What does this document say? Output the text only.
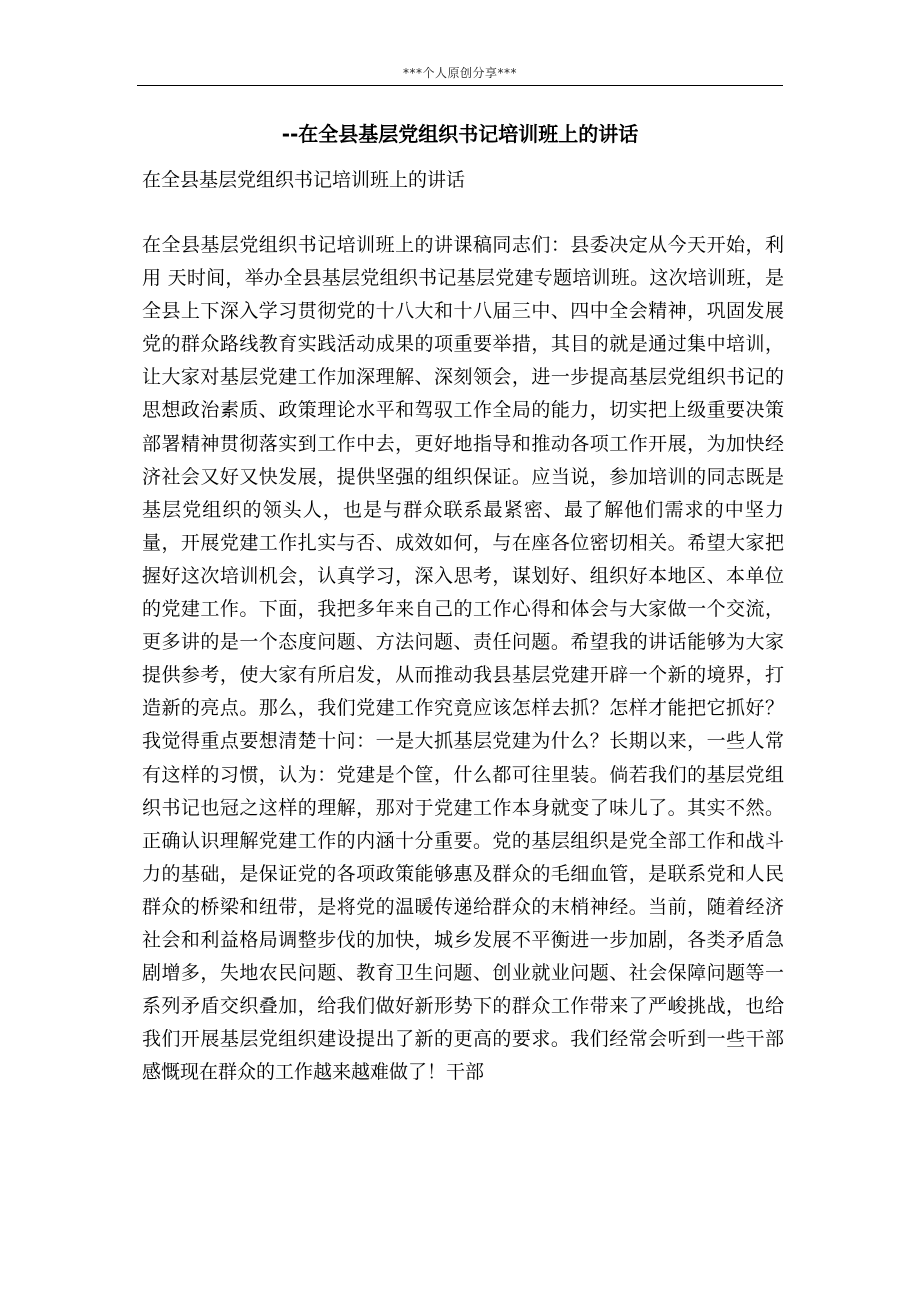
***个人原创分享***
--在全县基层党组织书记培训班上的讲话
在全县基层党组织书记培训班上的讲话
在全县基层党组织书记培训班上的讲课稿同志们：县委决定从今天开始，利用 天时间，举办全县基层党组织书记基层党建专题培训班。这次培训班，是全县上下深入学习贯彻党的十八大和十八届三中、四中全会精神，巩固发展党的群众路线教育实践活动成果的项重要举措，其目的就是通过集中培训，让大家对基层党建工作加深理解、深刻领会，进一步提高基层党组织书记的思想政治素质、政策理论水平和驾驭工作全局的能力，切实把上级重要决策部署精神贯彻落实到工作中去，更好地指导和推动各项工作开展，为加快经济社会又好又快发展，提供坚强的组织保证。应当说，参加培训的同志既是基层党组织的领头人，也是与群众联系最紧密、最了解他们需求的中坚力量，开展党建工作扎实与否、成效如何，与在座各位密切相关。希望大家把握好这次培训机会，认真学习，深入思考，谋划好、组织好本地区、本单位的党建工作。下面，我把多年来自己的工作心得和体会与大家做一个交流，更多讲的是一个态度问题、方法问题、责任问题。希望我的讲话能够为大家提供参考，使大家有所启发，从而推动我县基层党建开辟一个新的境界，打造新的亮点。那么，我们党建工作究竟应该怎样去抓？怎样才能把它抓好？我觉得重点要想清楚十问：一是大抓基层党建为什么？长期以来，一些人常有这样的习惯，认为：党建是个筐，什么都可往里装。倘若我们的基层党组织书记也冠之这样的理解，那对于党建工作本身就变了味儿了。其实不然。正确认识理解党建工作的内涵十分重要。党的基层组织是党全部工作和战斗力的基础，是保证党的各项政策能够惠及群众的毛细血管，是联系党和人民群众的桥梁和纽带，是将党的温暖传递给群众的末梢神经。当前，随着经济社会和利益格局调整步伐的加快，城乡发展不平衡进一步加剧，各类矛盾急剧增多，失地农民问题、教育卫生问题、创业就业问题、社会保障问题等一系列矛盾交织叠加，给我们做好新形势下的群众工作带来了严峻挑战，也给我们开展基层党组织建设提出了新的更高的要求。我们经常会听到一些干部感慨现在群众的工作越来越难做了！干部
